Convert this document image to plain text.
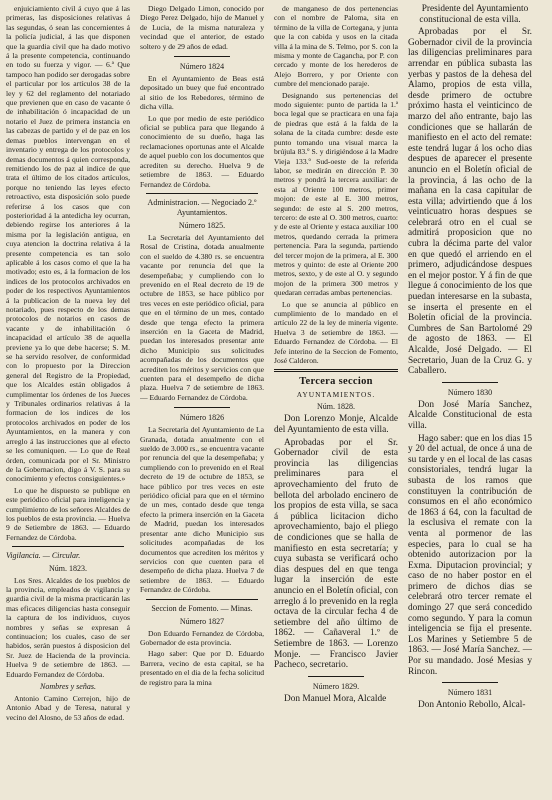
enjuiciamiento civil á cuyo que á las primeras, las disposiciones relativas á las segundas, ó sean las concernientes á la policía judicial, á las que disponen que la guardia civil que ha dado motivo á la presente competencia, continuando en todo su fuerza y vigor. — 6.ª Que tampoco han podido ser derogadas sobre el particular por los artículos 38 de la ley y 62 del reglamento del notariado que previenen que en caso de vacante ó de inhabilitación ó incapacidad de un notario el Juez de primera instancia en las cabezas de partido y el de paz en los demas pueblos intervengan en el inventario y entrega de los protocolos y demas documentos á quien corresponda, remitiendo los de paz al indice de que trata el último de los citados artículos, porque no teniendo las leyes efecto retroactivo, esta disposición solo puede referirse á los casos que con posterioridad á la antedicha ley ocurran, debiendo regirse los anteriores á la misma por la legislación antigua, en cuya atencion la doctrina relativa á la presente competencia es tan solo aplicable á los casos como el que la ha motivado; esto es, á la formacion de los indices de los protocolos archivados en poder de los respectivos Ayuntamientos á la publicacion de la nueva ley del notariado, pues respecto de los demas protocolos de notarios en casos de vacante y de inhabilitación ó incapacidad el artículo 38 de aquella previene ya lo que debe hacerse; S. M. se ha servido resolver, de conformidad con lo propuesto por la Direccion general del Registro de la Propiedad, que los Alcaldes están obligados á cumplimentar los órdenes de los Jueces y Tribunales ordinarios relativas á la formacion de los indices de los protocolos archivados en poder de los Ayuntamientos, en la manera y con arreglo á las instrucciones que al efecto se les comuniquen. — Lo que de Real órden, comunicada por el Sr. Ministro de la Gobernacion, digo á V. S. para su conocimiento y efectos consiguientes.»

Lo que he dispuesto se publique en este periódico oficial para inteligencia y cumplimiento de los señores Alcaldes de los pueblos de esta provincia. — Huelva 9 de Setiembre de 1863. — Eduardo Fernandez de Córdoba.

Vigilancia. — Circular.

Núm. 1823.

Los Sres. Alcaldes de los pueblos de la provincia, empleados de vigilancia y guardia civil de la misma practicarán las mas eficaces diligencias hasta conseguir la captura de los individuos, cuyos nombres y señas se expresan á continuacion; los cuales, caso de ser habidos, serán puestos á disposicion del Sr. Juez de Hacienda de la provincia. Huelva 9 de setiembre de 1863. — Eduardo Fernandez de Córdoba.

Nombres y señas.

Antonio Camino Cerrejon, hijo de Antonio Abad y de Teresa, natural y vecino del Alosno, de 53 años de edad.

Diego Delgado Limon, conocido por Diego Perez Delgado, hijo de Manuel y de Lucia, de la misma naturaleza y vecindad que el anterior, de estado soltero y de 29 años de edad.

Número 1824

En el Ayuntamiento de Beas está depositado un buey que fué encontrado al sitio de los Rebedores, término de dicha villa.

Lo que por medio de este periódico oficial se publica para que llegando á conocimiento de su dueño, haga las reclamaciones oportunas ante el Alcalde de aquel pueblo con los documentos que acrediten su derecho. Huelva 9 de setiembre de 1863. — Eduardo Fernandez de Córdoba.

Administracion. — Negociado 2.º Ayuntamientos.
Número 1825.

La Secretaría del Ayuntamiento del Rosal de Cristina, dotada anualmente con el sueldo de 4.380 rs. se encuentra vacante por renuncia del que la desempeñaba; y cumpliendo con lo prevenido en el Real decreto de 19 de octubre de 1853, se hace público por tres veces en este periódico oficial, para que en el término de un mes, contado desde que tenga efecto la primera inserción en la Gaceta de Madrid, puedan los interesados presentar ante dicho Municipio sus solicitudes acompañadas de los documentos que acrediten los méritos y servicios con que cuenten para el desempeño de dicha plaza. Huelva 7 de setiembre de 1863. — Eduardo Fernandez de Córdoba.

Número 1826

La Secretaría del Ayuntamiento de La Granada, dotada anualmente con el sueldo de 3.000 rs., se encuentra vacante por renuncia del que la desempeñaba; y cumpliendo con lo prevenido en el Real decreto de 19 de octubre de 1853, se hace público por tres veces en este periódico oficial para que en el término de un mes, contado desde que tenga efecto la primera inserción en la Gaceta de Madrid, puedan los interesados presentar ante dicho Municipio sus solicitudes acompañadas de los documentos que acrediten los méritos y servicios con que cuenten para el desempeño de dicha plaza. Huelva 7 de setiembre de 1863. — Eduardo Fernandez de Córdoba.

Seccion de Fomento. — Minas.
Número 1827

Don Eduardo Fernandez de Córdoba, Gobernador de esta provincia.

Hago saber: Que por D. Eduardo Barrera, vecino de esta capital, se ha presentado en el dia de la fecha solicitud de registro para la mina

de manganeso de dos pertenencias con el nombre de Paloma, sita en término de la villa de Cortegana, y junta que la con cabida y usos en la citada villa á la mina de S. Telmo, por S. con la misma y monte de Cagancha, por P. con cercado y monte de los herederos de Alejo Borrero, y por Oriente con cumbre del mencionado paraje.

Designando sus pertenencias del modo siguiente: punto de partida la 1.ª boca legal que se practicara en una faja de piedras que está á la falda de la solana de la citada cumbre: desde este punto tomando una visual marca la brújula 83.º S. y dirigiéndose á la Madre Vieja 133.º Sud-oeste de la referida labor, se medirán en dirección P. 30 metros y pondrá la tercera auxiliar: de esta al Oriente 100 metros, primer mojon: de este al E. 300 metros, segundo: de este al S. 200 metros, tercero: de este al O. 300 metros, cuarto: y de este al Oriente y estaca auxiliar 100 metros, quedando cerrada la primera pertenencia. Para la segunda, partiendo del tercer mojon de la primera, al E. 300 metros y quinto: de este al Oriente 200 metros, sexto, y de este al O. y segundo mojon de la primera 300 metros y quedaran cerradas ambas pertenencias.

Lo que se anuncia al público en cumplimiento de lo mandado en el artículo 22 de la ley de minería vigente. Huelva 3 de setiembre de 1863. — Eduardo Fernandez de Córdoba. — El Jefe interino de la Seccion de Fomento, José Calderon.

Tercera seccion
AYUNTAMIENTOS.
Núm. 1828.

Don Lorenzo Monje, Alcalde del Ayuntamiento de esta villa.

Aprobadas por el Sr. Gobernador civil de esta provincia las diligencias preliminares para el aprovechamiento del fruto de bellota del arbolado encinero de los propios de esta villa, se saca á pública licitacion dicho aprovechamiento, bajo el pliego de condiciones que se halla de manifiesto en esta secretaría; y cuya subasta se verificará ocho dias despues del en que tenga lugar la inserción de este anuncio en el Boletín oficial, con arreglo á lo prevenido en la regla octava de la circular fecha 4 de setiembre del año último de 1862. — Cañaveral 1.º de Setiembre de 1863. — Lorenzo Monje. — Francisco Javier Pacheco, secretario.

Número 1829.

Don Manuel Mora, Alcalde

Presidente del Ayuntamiento constitucional de esta villa.

Aprobadas por el Sr. Gobernador civil de la provincia las diligencias preliminares para arrendar en pública subasta las yerbas y pastos de la dehesa del Alamo, propios de esta villa, desde primero de octubre próximo hasta el veinticinco de marzo del año entrante, bajo las condiciones que se hallarán de manifiesto en el acto del remate: este tendrá lugar á los ocho dias despues de aparecer el presente anuncio en el Boletín oficial de la provincia, á las ocho de la mañana en la casa capitular de esta villa; advirtiendo que á los veinticuatro horas despues se celebrará otro en el cual se admitirá proposicion que no cubra la décima parte del valor en que quedó el arriendo en el primero, adjudicándose despues en el mejor postor. Y á fin de que llegue á conocimiento de los que puedan interesarse en la subasta, se inserta el presente en el Boletín oficial de la provincia. Cumbres de San Bartolomé 29 de agosto de 1863. — El Alcalde, José Delgado. — El Secretario, Juan de la Cruz G. y Caballero.

Número 1830

Don José María Sanchez, Alcalde Constitucional de esta villa.

Hago saber: que en los dias 15 y 20 del actual, de once á una de su tarde y en el local de las casas consistoriales, tendrá lugar la subasta de los ramos que constituyen la contribución de consumos en el año económico de 1863 á 64, con la facultad de la esclusiva el remate con la venta al pormenor de las especies, para lo cual se ha obtenido autorizacion por la Exma. Diputacion provincial; y caso de no haber postor en el primero de dichos dias se celebrará otro tercer remate el domingo 27 que será concedido como segundo. Y para la comun inteligencia se fija el presente. Los Marines y Setiembre 5 de 1863. — José María Sanchez. — Por su mandado. José Mesias y Rincon.

Número 1831

Don Antonio Rebollo, Alcal-
